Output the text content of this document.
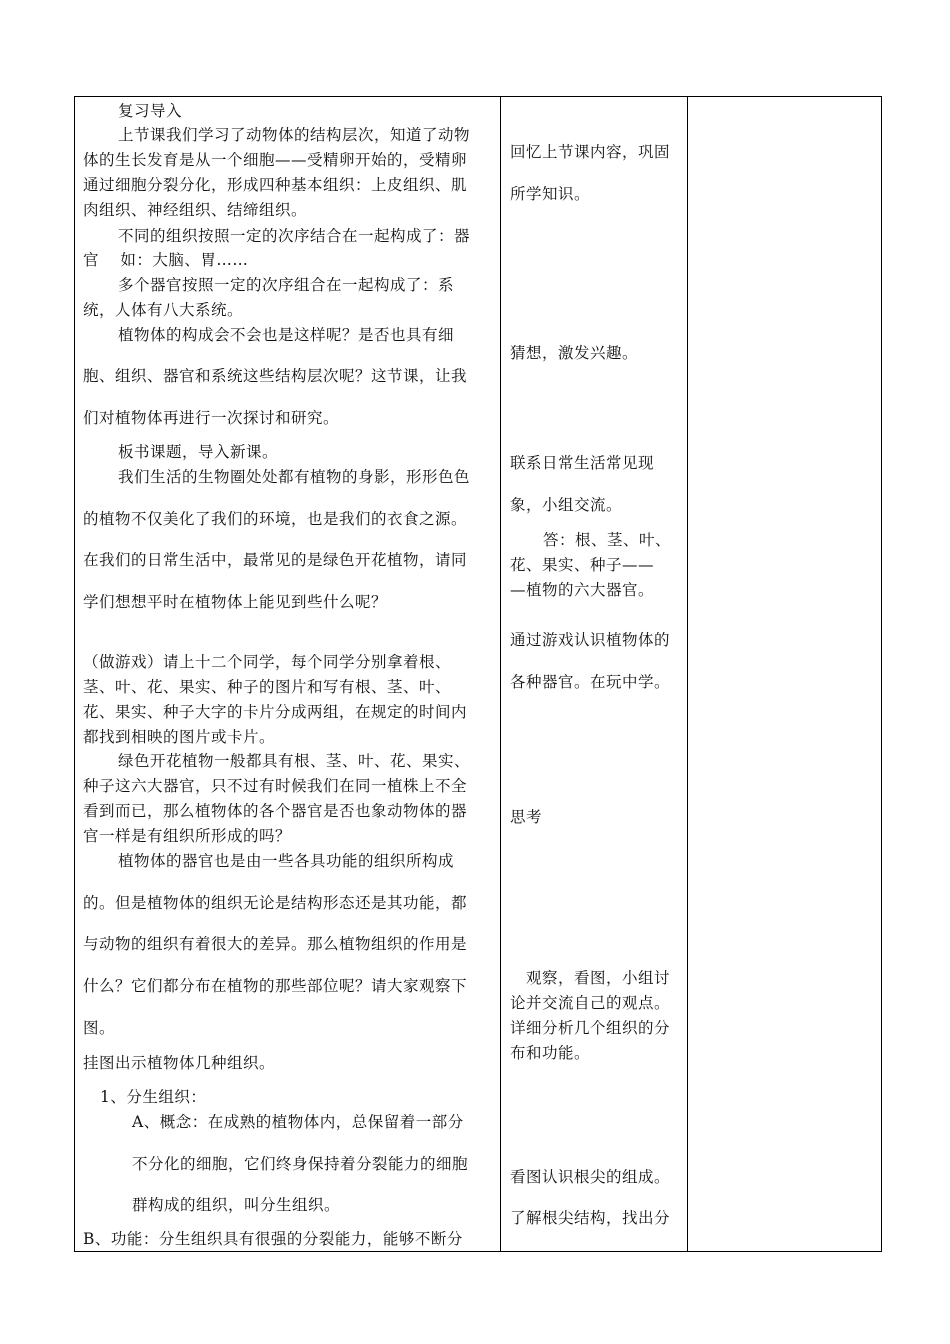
复习导入
上节课我们学习了动物体的结构层次，知道了动物
体的生长发育是从一个细胞——受精卵开始的，受精卵
通过细胞分裂分化，形成四种基本组织：上皮组织、肌
肉组织、神经组织、结缔组织。
不同的组织按照一定的次序结合在一起构成了：器
官　 如：大脑、胃……
多个器官按照一定的次序组合在一起构成了：系
统，人体有八大系统。
植物体的构成会不会也是这样呢？是否也具有细
胞、组织、器官和系统这些结构层次呢？这节课，让我
们对植物体再进行一次探讨和研究。
板书课题，导入新课。
我们生活的生物圈处处都有植物的身影，形形色色
的植物不仅美化了我们的环境，也是我们的衣食之源。
在我们的日常生活中，最常见的是绿色开花植物，请同
学们想想平时在植物体上能见到些什么呢？
（做游戏）请上十二个同学，每个同学分别拿着根、
茎、叶、花、果实、种子的图片和写有根、茎、叶、
花、果实、种子大字的卡片分成两组，在规定的时间内
都找到相映的图片或卡片。
绿色开花植物一般都具有根、茎、叶、花、果实、
种子这六大器官，只不过有时候我们在同一植株上不全
看到而已，那么植物体的各个器官是否也象动物体的器
官一样是有组织所形成的吗？
植物体的器官也是由一些各具功能的组织所构成
的。但是植物体的组织无论是结构形态还是其功能，都
与动物的组织有着很大的差异。那么植物组织的作用是
什么？它们都分布在植物的那些部位呢？请大家观察下
图。
挂图出示植物体几种组织。
1、分生组织：
A、概念：在成熟的植物体内，总保留着一部分
不分化的细胞，它们终身保持着分裂能力的细胞
群构成的组织，叫分生组织。
B、功能：分生组织具有很强的分裂能力，能够不断分
回忆上节课内容，巩固
所学知识。
猜想，激发兴趣。
联系日常生活常见现
象，小组交流。
答：根、茎、叶、
花、果实、种子——
—植物的六大器官。
通过游戏认识植物体的
各种器官。在玩中学。
思考
观察，看图，小组讨
论并交流自己的观点。
详细分析几个组织的分
布和功能。
看图认识根尖的组成。
了解根尖结构，找出分
